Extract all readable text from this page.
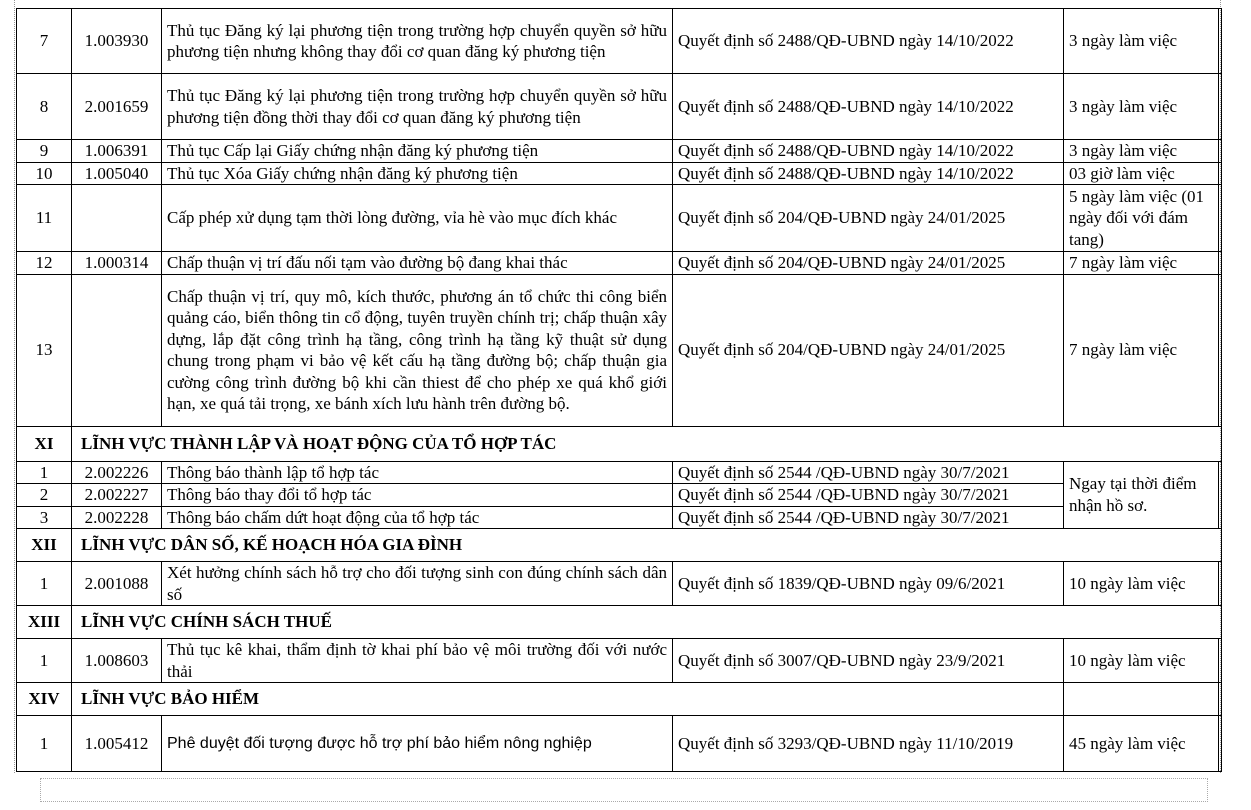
7	1.003930	Thủ tục Đăng ký lại phương tiện trong trường hợp chuyển quyền sở hữu phương tiện nhưng không thay đổi cơ quan đăng ký phương tiện	Quyết định số 2488/QĐ-UBND ngày 14/10/2022	3 ngày làm việc	
8	2.001659	Thủ tục Đăng ký lại phương tiện trong trường hợp chuyển quyền sở hữu phương tiện đồng thời thay đổi cơ quan đăng ký phương tiện	Quyết định số 2488/QĐ-UBND ngày 14/10/2022	3 ngày làm việc	
9	1.006391	Thủ tục Cấp lại Giấy chứng nhận đăng ký phương tiện	Quyết định số 2488/QĐ-UBND ngày 14/10/2022	3 ngày làm việc	
10	1.005040	Thủ tục Xóa Giấy chứng nhận đăng ký phương tiện	Quyết định số 2488/QĐ-UBND ngày 14/10/2022	03 giờ làm việc	
11		Cấp phép xử dụng tạm thời lòng đường, vỉa hè vào mục đích khác	Quyết định số 204/QĐ-UBND ngày 24/01/2025	5 ngày làm việc (01 ngày đối với đám tang)	
12	1.000314	Chấp thuận vị trí đấu nối tạm vào đường bộ đang khai thác	Quyết định số 204/QĐ-UBND ngày 24/01/2025	7 ngày làm việc	
13		Chấp thuận vị trí, quy mô, kích thước, phương án tổ chức thi công biển quảng cáo, biển thông tin cổ động, tuyên truyền chính trị; chấp thuận xây dựng, lắp đặt công trình hạ tầng, công trình hạ tầng kỹ thuật sử dụng chung trong phạm vi bảo vệ kết cấu hạ tầng đường bộ; chấp thuận gia cường công trình đường bộ khi cần thiest để cho phép xe quá khổ giới hạn, xe quá tải trọng, xe bánh xích lưu hành trên đường bộ.	Quyết định số 204/QĐ-UBND ngày 24/01/2025	7 ngày làm việc	
XI	LĨNH VỰC THÀNH LẬP VÀ HOẠT ĐỘNG CỦA TỔ HỢP TÁC				
1	2.002226	Thông báo thành lập tổ hợp tác	Quyết định số 2544 /QĐ-UBND ngày 30/7/2021	Ngay tại thời điểm nhận hồ sơ.	
2	2.002227	Thông báo thay đổi tổ hợp tác	Quyết định số 2544 /QĐ-UBND ngày 30/7/2021		
3	2.002228	Thông báo chấm dứt hoạt động của tổ hợp tác	Quyết định số 2544 /QĐ-UBND ngày 30/7/2021		
XII	LĨNH VỰC DÂN SỐ, KẾ HOẠCH HÓA GIA ĐÌNH				
1	2.001088	Xét hưởng chính sách hỗ trợ cho đối tượng sinh con đúng chính sách dân số	Quyết định số 1839/QĐ-UBND ngày 09/6/2021	10 ngày làm việc	
XIII	LĨNH VỰC CHÍNH SÁCH THUẾ				
1	1.008603	Thủ tục kê khai, thẩm định tờ khai phí bảo vệ môi trường đối với nước thải	Quyết định số 3007/QĐ-UBND ngày 23/9/2021	10 ngày làm việc	
XIV	LĨNH VỰC BẢO HIỂM				
1	1.005412	Phê duyệt đối tượng được hỗ trợ phí bảo hiểm nông nghiệp	Quyết định số 3293/QĐ-UBND ngày 11/10/2019	45 ngày làm việc	
